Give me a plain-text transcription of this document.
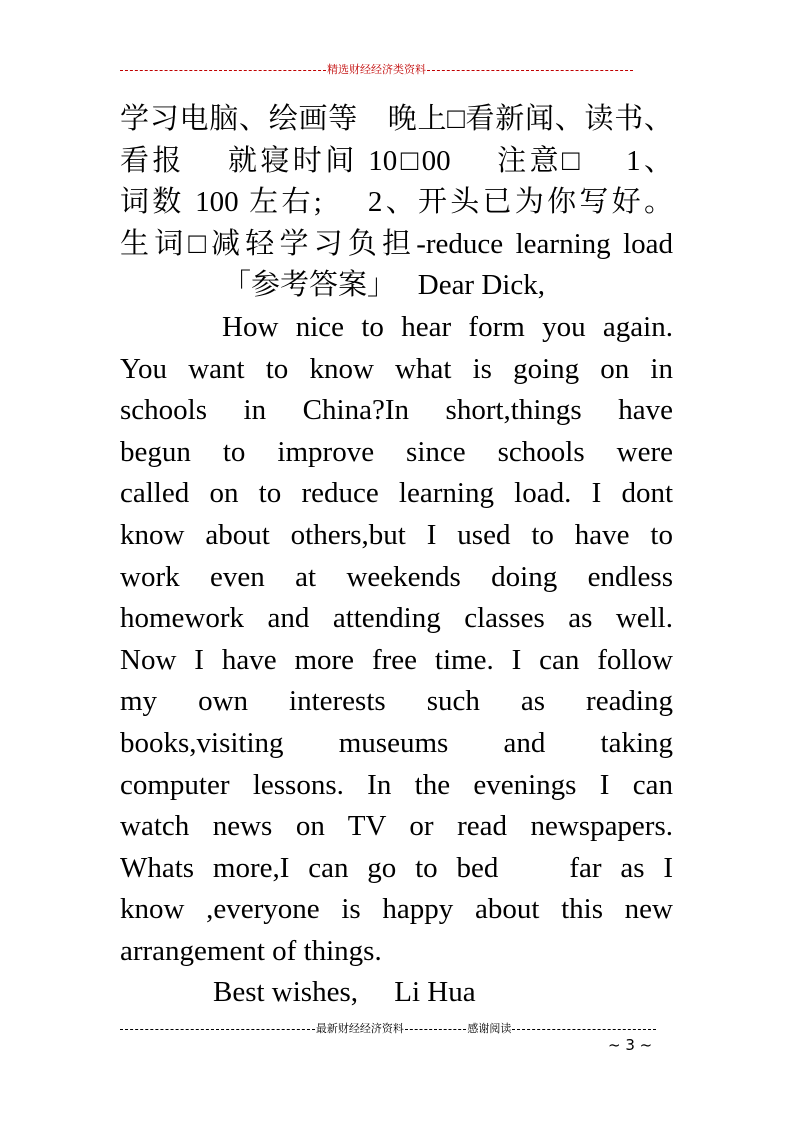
精选财经经济类资料
学习电脑、绘画等　晚上□看新闻、读书、
看报　 就寝时间 10□00　 注意□　 1、
词数 100 左右;　 2、开头已为你写好。
生词□减轻学习负担-reduce learning load
「参考答案」　 Dear Dick,
How nice to hear form you again.
You want to know what is going on in
schools in China?In short,things have
begun to improve since schools were
called on to reduce learning load. I dont
know about others,but I used to have to
work even at weekends doing endless
homework and attending classes as well.
Now I have more free time. I can follow
my own interests such as reading
books,visiting museums and taking
computer lessons. In the evenings I can
watch news on TV or read newspapers.
Whats more,I can go to bed　 far as I
know ,everyone is happy about this new
arrangement of things.
Best wishes,　 Li Hua
最新财经经济资料	感谢阅读
~ 3 ~
